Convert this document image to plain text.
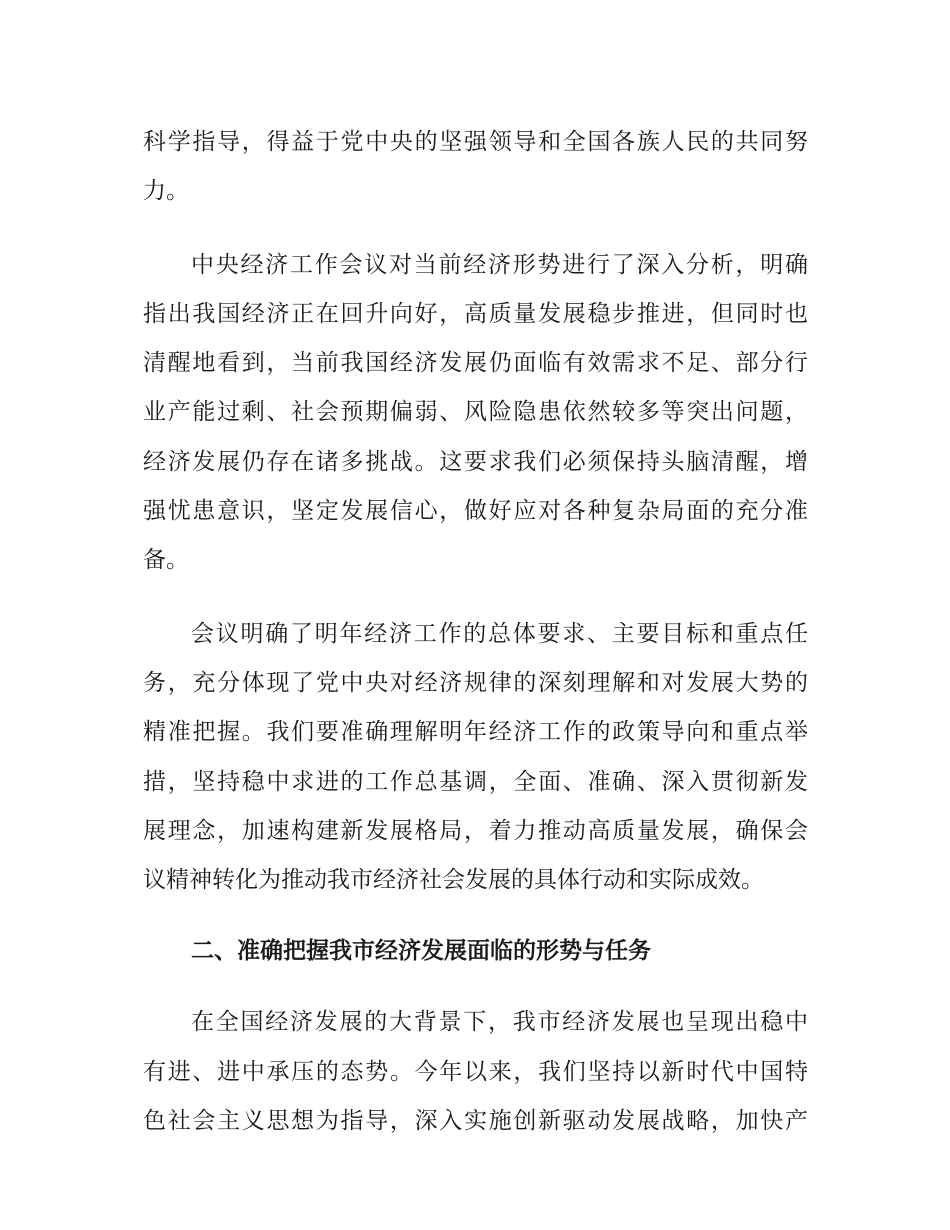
科学指导，得益于党中央的坚强领导和全国各族人民的共同努
力。
中央经济工作会议对当前经济形势进行了深入分析，明确
指出我国经济正在回升向好，高质量发展稳步推进，但同时也
清醒地看到，当前我国经济发展仍面临有效需求不足、部分行
业产能过剩、社会预期偏弱、风险隐患依然较多等突出问题，
经济发展仍存在诸多挑战。这要求我们必须保持头脑清醒，增
强忧患意识，坚定发展信心，做好应对各种复杂局面的充分准
备。
会议明确了明年经济工作的总体要求、主要目标和重点任
务，充分体现了党中央对经济规律的深刻理解和对发展大势的
精准把握。我们要准确理解明年经济工作的政策导向和重点举
措，坚持稳中求进的工作总基调，全面、准确、深入贯彻新发
展理念，加速构建新发展格局，着力推动高质量发展，确保会
议精神转化为推动我市经济社会发展的具体行动和实际成效。
二、准确把握我市经济发展面临的形势与任务
在全国经济发展的大背景下，我市经济发展也呈现出稳中
有进、进中承压的态势。今年以来，我们坚持以新时代中国特
色社会主义思想为指导，深入实施创新驱动发展战略，加快产
